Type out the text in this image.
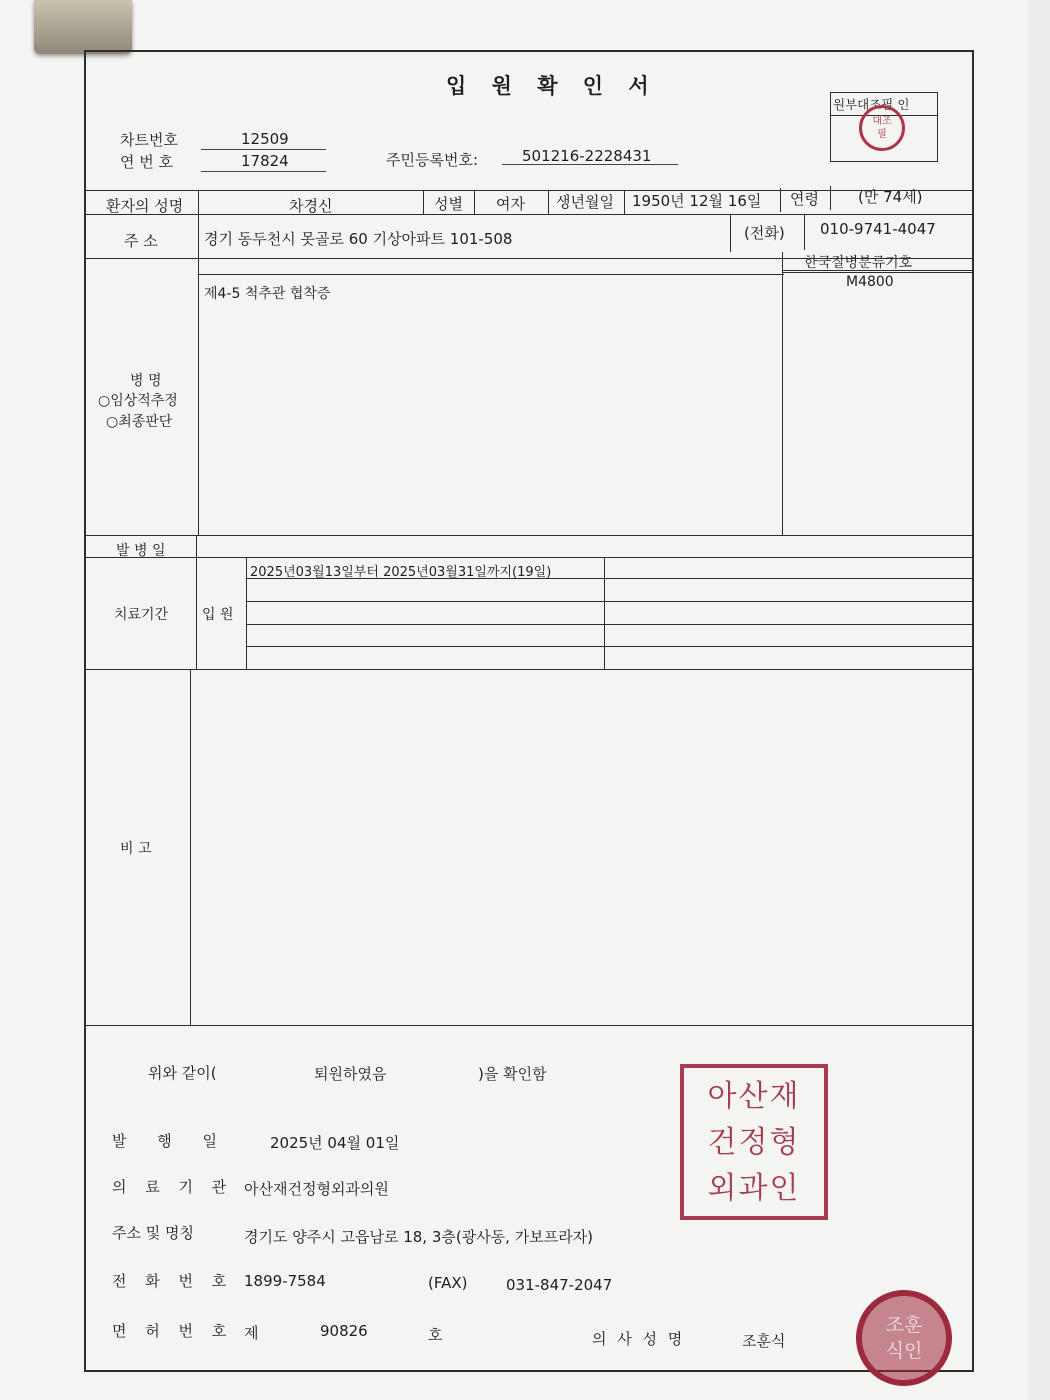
입 원 확 인 서
원부대조필 인
대조
필
차트번호	12509
연 번 호	17824	주민등록번호:	501216-2228431
환자의 성명	차경신	성별 여자 생년월일 1950년 12월 16일 연령	(만 74세)
주 소	경기 동두천시 못골로 60 기상아파트 101-508	(전화) 010-9741-4047
한국질병분류기호
M4800
제4-5 척추관 협착증
병 명
○임상적추정
○최종판단
발 병 일
치료기간 입 원
2025년03월13일부터 2025년03월31일까지(19일)
비 고
위와 같이(	퇴원하였음	)을 확인함
발 행 일	2025년 04월 01일
의 료 기 관 아산재건정형외과의원
주소 및 명칭	경기도 양주시 고읍남로 18, 3층(광사동, 가보프라자)
전 화 번 호 1899-7584	(FAX)	031-847-2047
면 허 번 호 제	90826	호	의 사 성 명	조훈식
아산재
건정형
외과인
조훈
식인
